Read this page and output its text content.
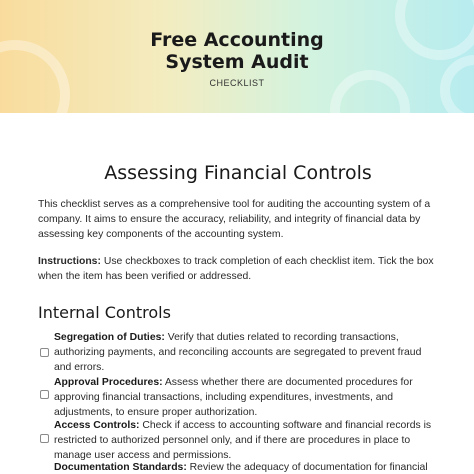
Free Accounting
System Audit
CHECKLIST
Assessing Financial Controls

This checklist serves as a comprehensive tool for auditing the accounting system of a company. It aims to ensure the accuracy, reliability, and integrity of financial data by assessing key components of the accounting system.

Instructions: Use checkboxes to track completion of each checklist item. Tick the box when the item has been verified or addressed.

Internal Controls
Segregation of Duties: Verify that duties related to recording transactions, authorizing payments, and reconciling accounts are segregated to prevent fraud and errors.
Approval Procedures: Assess whether there are documented procedures for approving financial transactions, including expenditures, investments, and adjustments, to ensure proper authorization.
Access Controls: Check if access to accounting software and financial records is restricted to authorized personnel only, and if there are procedures in place to manage user access and permissions.
Documentation Standards: Review the adequacy of documentation for financial
